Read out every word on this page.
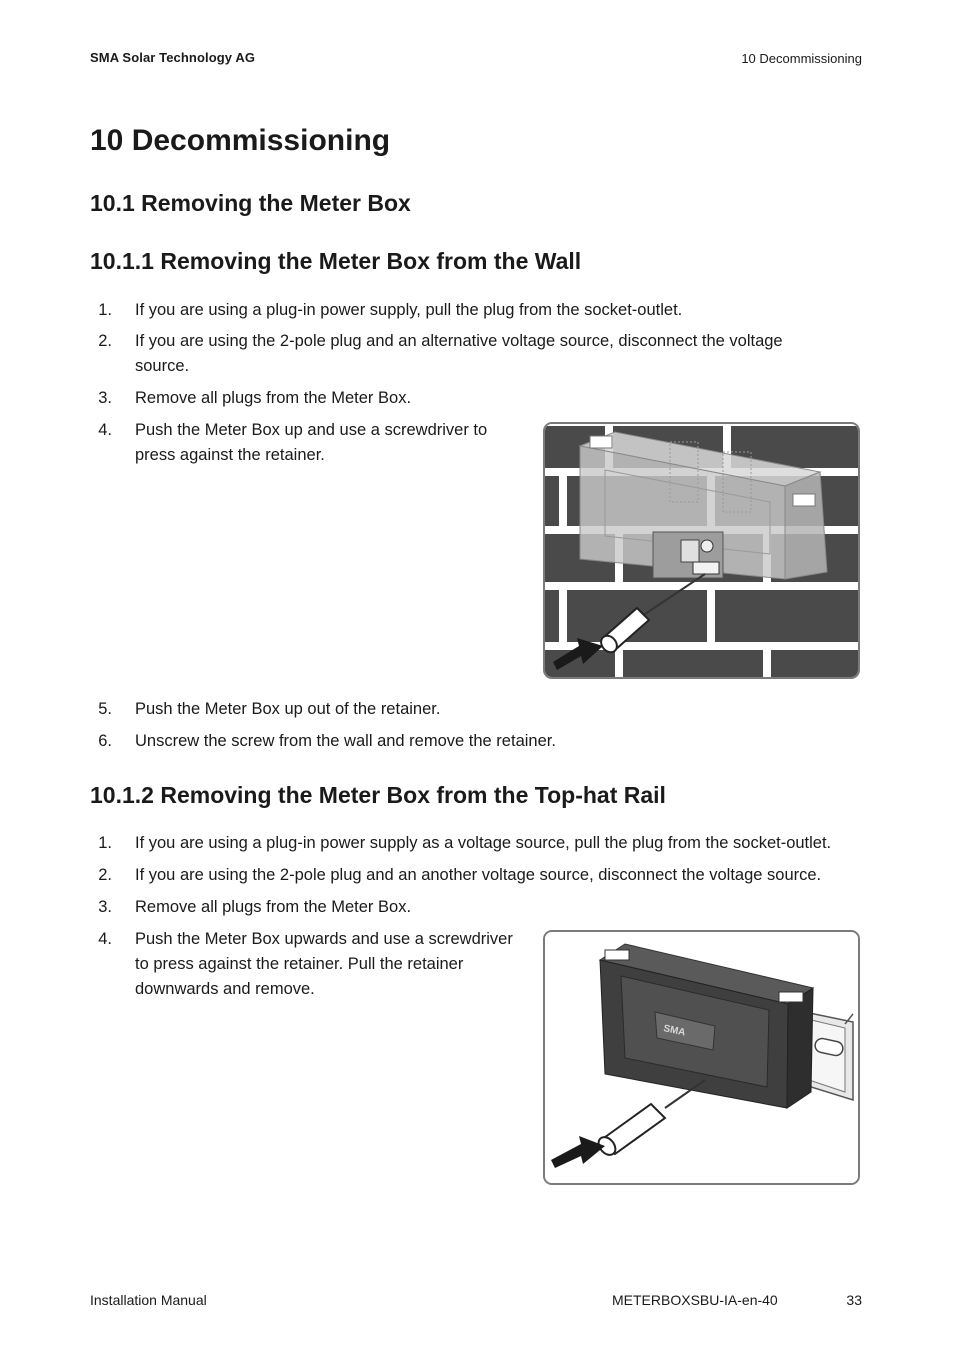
SMA Solar Technology AG	10 Decommissioning
10 Decommissioning
10.1 Removing the Meter Box
10.1.1 Removing the Meter Box from the Wall
1. If you are using a plug-in power supply, pull the plug from the socket-outlet.
2. If you are using the 2-pole plug and an alternative voltage source, disconnect the voltage
source.
3. Remove all plugs from the Meter Box.
4. Push the Meter Box up and use a screwdriver to
press against the retainer.
5. Push the Meter Box up out of the retainer.
6. Unscrew the screw from the wall and remove the retainer.
10.1.2 Removing the Meter Box from the Top-hat Rail
1. If you are using a plug-in power supply as a voltage source, pull the plug from the socket-outlet.
2. If you are using the 2-pole plug and an another voltage source, disconnect the voltage source.
3. Remove all plugs from the Meter Box.
4. Push the Meter Box upwards and use a screwdriver
to press against the retainer. Pull the retainer
downwards and remove.
SMA
Installation Manual	METERBOXSBU-IA-en-40	33
